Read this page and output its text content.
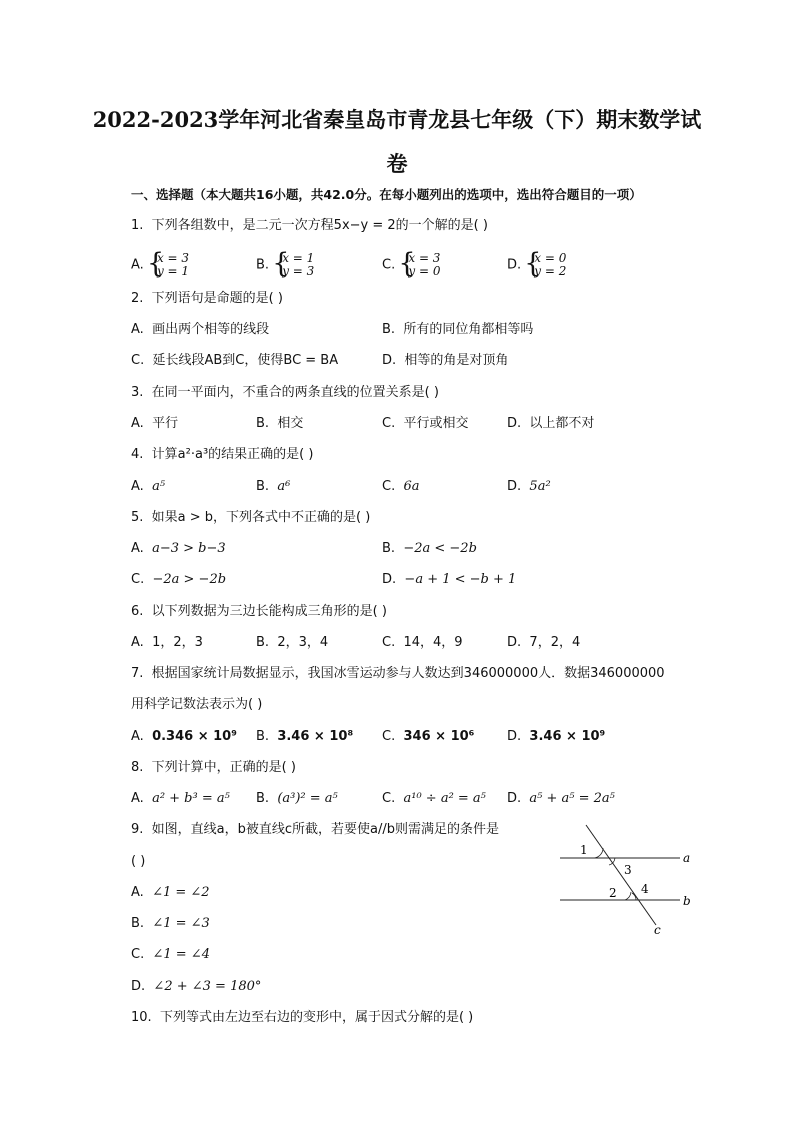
2022-2023学年河北省秦皇岛市青龙县七年级（下）期末数学试
卷
一、选择题（本大题共16小题，共42.0分。在每小题列出的选项中，选出符合题目的一项）
1. 下列各组数中，是二元一次方程5x−y = 2的一个解的是( )
A. { x = 3
y = 1	B. { x = 1
y = 3	C. { x = 3
y = 0	D. { x = 0
y = 2
2. 下列语句是命题的是( )
A. 画出两个相等的线段	B. 所有的同位角都相等吗
C. 延长线段AB到C，使得BC = BA	D. 相等的角是对顶角
3. 在同一平面内，不重合的两条直线的位置关系是( )
A. 平行	B. 相交	C. 平行或相交	D. 以上都不对
4. 计算a²·a³的结果正确的是( )
A. a⁵	B. a⁶	C. 6a	D. 5a²
5. 如果a > b，下列各式中不正确的是( )
A. a−3 > b−3	B. −2a < −2b
C. −2a > −2b	D. −a + 1 < −b + 1
6. 以下列数据为三边长能构成三角形的是( )
A. 1，2，3	B. 2，3，4	C. 14，4，9	D. 7，2，4
7. 根据国家统计局数据显示，我国冰雪运动参与人数达到346000000人．数据346000000
用科学记数法表示为( )
A. 0.346 × 10⁹ B. 3.46 × 10⁸ C. 346 × 10⁶	D. 3.46 × 10⁹
8. 下列计算中，正确的是( )
A. a² + b³ = a⁵ B. (a³)² = a⁵	C. a¹⁰ ÷ a² = a⁵ D. a⁵ + a⁵ = 2a⁵
9. 如图，直线a，b被直线c所截，若要使a//b则需满足的条件是
( )
A. ∠1 = ∠2
B. ∠1 = ∠3
C. ∠1 = ∠4
D. ∠2 + ∠3 = 180°
1
3
2 4
a
b
c
10. 下列等式由左边至右边的变形中，属于因式分解的是( )
